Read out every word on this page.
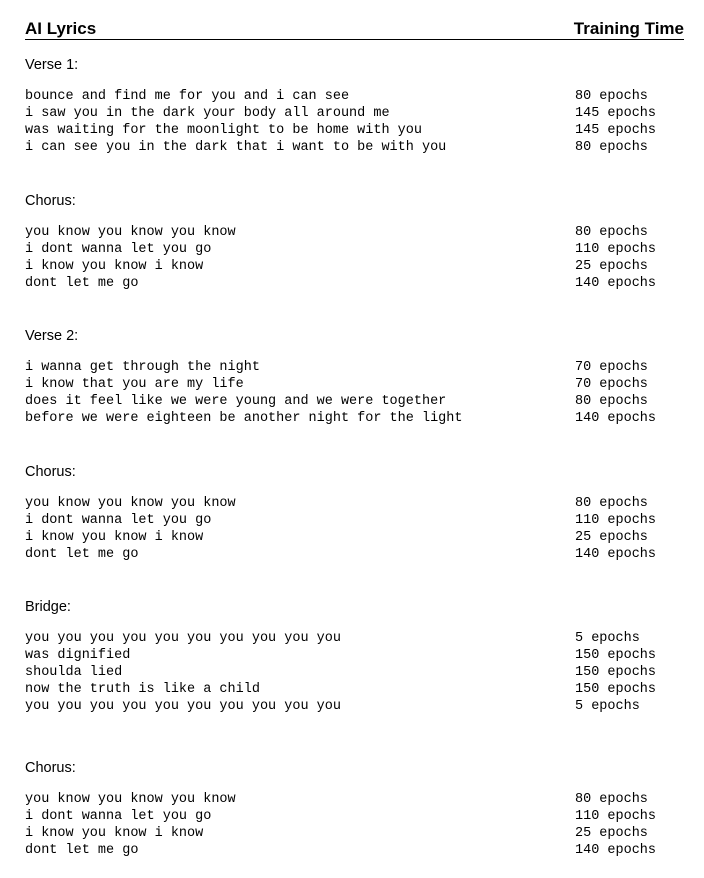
AI Lyrics	Training Time
Verse 1:
bounce and find me for you and i can see	80 epochs
i saw you in the dark your body all around me	145 epochs
was waiting for the moonlight to be home with you	145 epochs
i can see you in the dark that i want to be with you	80 epochs
Chorus:
you know you know you know	80 epochs
i dont wanna let you go	110 epochs
i know you know i know	25 epochs
dont let me go	140 epochs
Verse 2:
i wanna get through the night	70 epochs
i know that you are my life	70 epochs
does it feel like we were young and we were together	80 epochs
before we were eighteen be another night for the light	140 epochs
Chorus:
you know you know you know	80 epochs
i dont wanna let you go	110 epochs
i know you know i know	25 epochs
dont let me go	140 epochs
Bridge:
you you you you you you you you you you	5 epochs
was dignified	150 epochs
shoulda lied	150 epochs
now the truth is like a child	150 epochs
you you you you you you you you you you	5 epochs
Chorus:
you know you know you know	80 epochs
i dont wanna let you go	110 epochs
i know you know i know	25 epochs
dont let me go	140 epochs
